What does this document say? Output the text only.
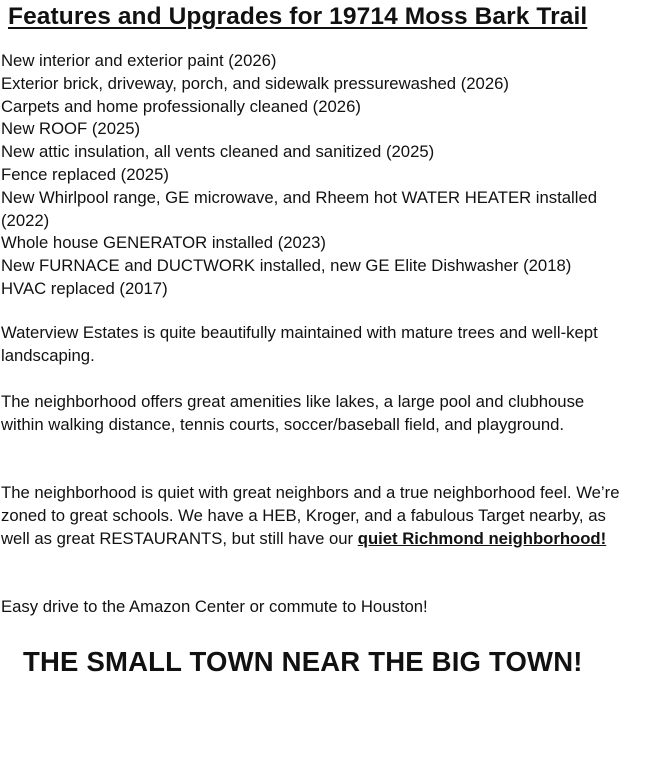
Features and Upgrades for 19714 Moss Bark Trail
New interior and exterior paint (2026)
Exterior brick, driveway, porch, and sidewalk pressurewashed (2026)
Carpets and home professionally cleaned (2026)
New ROOF (2025)
New attic insulation, all vents cleaned and sanitized (2025)
Fence replaced (2025)
New Whirlpool range, GE microwave, and Rheem hot WATER HEATER installed (2022)
Whole house GENERATOR installed (2023)
New FURNACE and DUCTWORK installed, new GE Elite Dishwasher (2018)
HVAC replaced (2017)
Waterview Estates is quite beautifully maintained with mature trees and well-kept landscaping.
The neighborhood offers great amenities like lakes, a large pool and clubhouse within walking distance, tennis courts, soccer/baseball field, and playground.
The neighborhood is quiet with great neighbors and a true neighborhood feel. We’re zoned to great schools. We have a HEB, Kroger, and a fabulous Target nearby, as well as great RESTAURANTS, but still have our quiet Richmond neighborhood!
Easy drive to the Amazon Center or commute to Houston!
THE SMALL TOWN NEAR THE BIG TOWN!
